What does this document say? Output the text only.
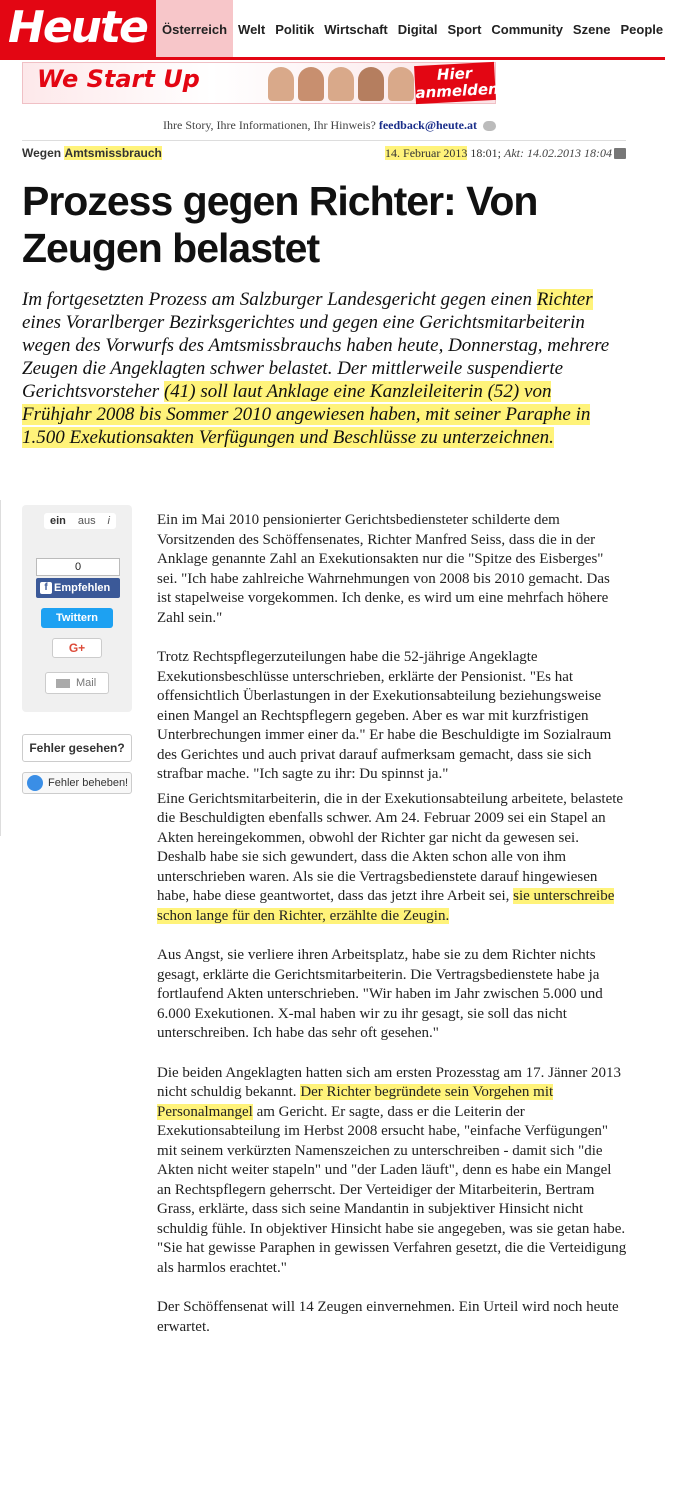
Heute	Österreich Welt Politik Wirtschaft Digital Sport Community Szene People
We Start Up	Hier
anmelden!
Ihre Story, Ihre Informationen, Ihr Hinweis? feedback@heute.at
Wegen Amtsmissbrauch	14. Februar 2013 18:01; Akt: 14.02.2013 18:04
Prozess gegen Richter: Von Zeugen belastet
Im fortgesetzten Prozess am Salzburger Landesgericht gegen einen Richter eines Vorarlberger Bezirksgerichtes und gegen eine Gerichtsmitarbeiterin wegen des Vorwurfs des Amtsmissbrauchs haben heute, Donnerstag, mehrere Zeugen die Angeklagten schwer belastet. Der mittlerweile suspendierte Gerichtsvorsteher (41) soll laut Anklage eine Kanzleileiterin (52) von Frühjahr 2008 bis Sommer 2010 angewiesen haben, mit seiner Paraphe in 1.500 Exekutionsakten Verfügungen und Beschlüsse zu unterzeichnen.
ein aus i
0
f Empfehlen
Twittern
G+
Mail
Fehler gesehen?
Fehler beheben!

Ein im Mai 2010 pensionierter Gerichtsbediensteter schilderte dem Vorsitzenden des Schöffensenates, Richter Manfred Seiss, dass die in der Anklage genannte Zahl an Exekutionsakten nur die "Spitze des Eisberges" sei. "Ich habe zahlreiche Wahrnehmungen von 2008 bis 2010 gemacht. Das ist stapelweise vorgekommen. Ich denke, es wird um eine mehrfach höhere Zahl sein."

Trotz Rechtspflegerzuteilungen habe die 52-jährige Angeklagte Exekutionsbeschlüsse unterschrieben, erklärte der Pensionist. "Es hat offensichtlich Überlastungen in der Exekutionsabteilung beziehungsweise einen Mangel an Rechtspflegern gegeben. Aber es war mit kurzfristigen Unterbrechungen immer einer da." Er habe die Beschuldigte im Sozialraum des Gerichtes und auch privat darauf aufmerksam gemacht, dass sie sich strafbar mache. "Ich sagte zu ihr: Du spinnst ja."

Eine Gerichtsmitarbeiterin, die in der Exekutionsabteilung arbeitete, belastete die Beschuldigten ebenfalls schwer. Am 24. Februar 2009 sei ein Stapel an Akten hereingekommen, obwohl der Richter gar nicht da gewesen sei. Deshalb habe sie sich gewundert, dass die Akten schon alle von ihm unterschrieben waren. Als sie die Vertragsbedienstete darauf hingewiesen habe, habe diese geantwortet, dass das jetzt ihre Arbeit sei, sie unterschreibe schon lange für den Richter, erzählte die Zeugin.

Aus Angst, sie verliere ihren Arbeitsplatz, habe sie zu dem Richter nichts gesagt, erklärte die Gerichtsmitarbeiterin. Die Vertragsbedienstete habe ja fortlaufend Akten unterschrieben. "Wir haben im Jahr zwischen 5.000 und 6.000 Exekutionen. X-mal haben wir zu ihr gesagt, sie soll das nicht unterschreiben. Ich habe das sehr oft gesehen."

Die beiden Angeklagten hatten sich am ersten Prozesstag am 17. Jänner 2013 nicht schuldig bekannt. Der Richter begründete sein Vorgehen mit Personalmangel am Gericht. Er sagte, dass er die Leiterin der Exekutionsabteilung im Herbst 2008 ersucht habe, "einfache Verfügungen" mit seinem verkürzten Namenszeichen zu unterschreiben - damit sich "die Akten nicht weiter stapeln" und "der Laden läuft", denn es habe ein Mangel an Rechtspflegern geherrscht. Der Verteidiger der Mitarbeiterin, Bertram Grass, erklärte, dass sich seine Mandantin in subjektiver Hinsicht nicht schuldig fühle. In objektiver Hinsicht habe sie angegeben, was sie getan habe. "Sie hat gewisse Paraphen in gewissen Verfahren gesetzt, die die Verteidigung als harmlos erachtet."

Der Schöffensenat will 14 Zeugen einvernehmen. Ein Urteil wird noch heute erwartet.
